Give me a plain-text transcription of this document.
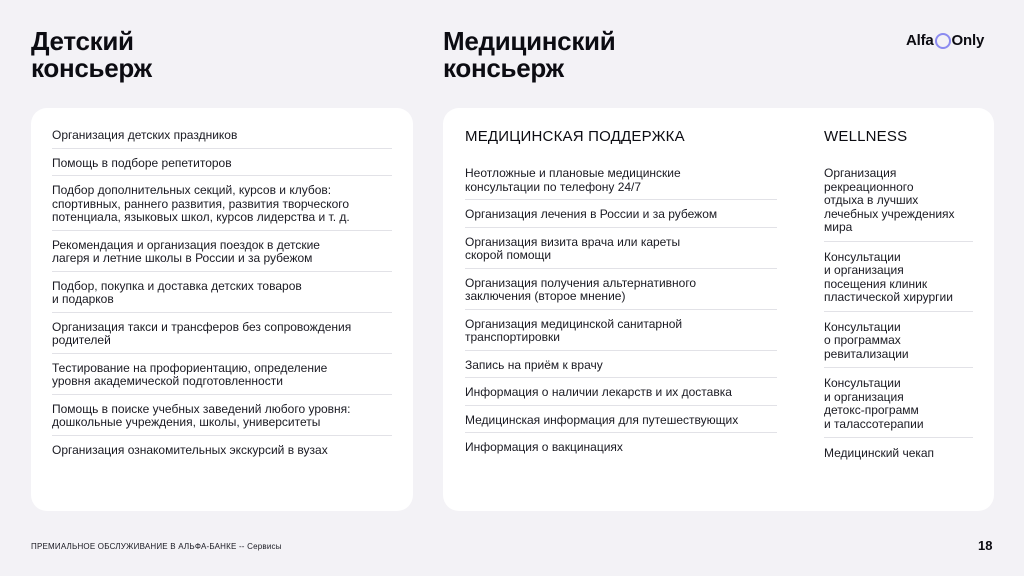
Детский
консьерж
Медицинский
консьерж
Alfa Only
Организация детских праздников
Помощь в подборе репетиторов
Подбор дополнительных секций, курсов и клубов:
спортивных, раннего развития, развития творческого
потенциала, языковых школ, курсов лидерства и т. д.
Рекомендация и организация поездок в детские
лагеря и летние школы в России и за рубежом
Подбор, покупка и доставка детских товаров
и подарков
Организация такси и трансферов без сопровождения
родителей
Тестирование на профориентацию, определение
уровня академической подготовленности
Помощь в поиске учебных заведений любого уровня:
дошкольные учреждения, школы, университеты
Организация ознакомительных экскурсий в вузах
МЕДИЦИНСКАЯ ПОДДЕРЖКА	WELLNESS
Неотложные и плановые медицинские
консультации по телефону 24/7
Организация лечения в России и за рубежом
Организация визита врача или кареты
скорой помощи
Организация получения альтернативного
заключения (второе мнение)
Организация медицинской санитарной
транспортировки
Запись на приём к врачу
Информация о наличии лекарств и их доставка
Медицинская информация для путешествующих
Информация о вакцинациях
Организация
рекреационного
отдыха в лучших
лечебных учреждениях
мира
Консультации
и организация
посещения клиник
пластической хирургии
Консультации
о программах
ревитализации
Консультации
и организация
детокс-программ
и талассотерапии
Медицинский чекап
ПРЕМИАЛЬНОЕ ОБСЛУЖИВАНИЕ В АЛЬФА-БАНКЕ -- Сервисы	18
